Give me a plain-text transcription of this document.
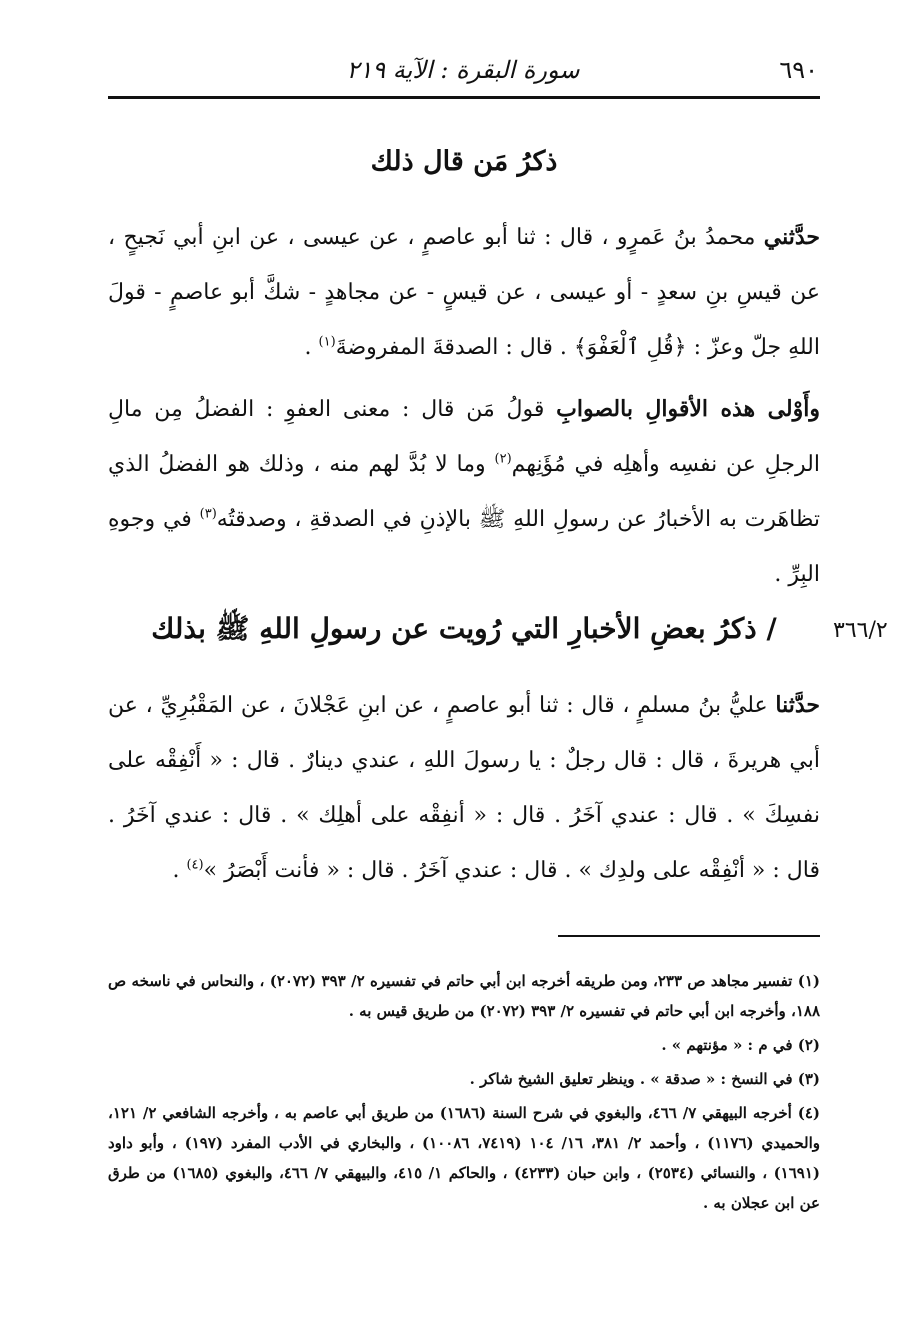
٦٩٠
سورة البقرة : الآية ٢١٩
ذكرُ مَن قال ذلك
حدَّثني محمدُ بنُ عَمرٍو ، قال : ثنا أبو عاصمٍ ، عن عيسى ، عن ابنِ أبي نَجيحٍ ، عن قيسِ بنِ سعدٍ - أو عيسى ، عن قيسٍ - عن مجاهدٍ - شكَّ أبو عاصمٍ - قولَ اللهِ جلّ وعزّ : ﴿قُلِ ٱلْعَفْوَ﴾ . قال : الصدقةَ المفروضةَ$^{(١)}$ .
وأَوْلى هذه الأقوالِ بالصوابِ قولُ مَن قال : معنى العفوِ : الفضلُ مِن مالِ الرجلِ عن نفسِه وأهلِه في مُؤَنِهم$^{(٢)}$ وما لا بُدَّ لهم منه ، وذلك هو الفضلُ الذي تظاهَرت به الأخبارُ عن رسولِ اللهِ ﷺ بالإذنِ في الصدقةِ ، وصدقتُه$^{(٣)}$ في وجوهِ البِرِّ .
٣٦٦/٢
/ ذكرُ بعضِ الأخبارِ التي رُويت عن رسولِ اللهِ ﷺ بذلك
حدَّثنا عليُّ بنُ مسلمٍ ، قال : ثنا أبو عاصمٍ ، عن ابنِ عَجْلانَ ، عن المَقْبُرِيِّ ، عن أبي هريرةَ ، قال : قال رجلٌ : يا رسولَ اللهِ ، عندي دينارٌ . قال : « أَنْفِقْه على نفسِكَ » . قال : عندي آخَرُ . قال : « أنفِقْه على أهلِك » . قال : عندي آخَرُ . قال : « أنْفِقْه على ولدِك » . قال : عندي آخَرُ . قال : « فأنت أَبْصَرُ »$^{(٤)}$ .

(١) تفسير مجاهد ص ٢٣٣، ومن طريقه أخرجه ابن أبي حاتم في تفسيره ٢/ ٣٩٣ (٢٠٧٢) ، والنحاس في ناسخه ص ١٨٨، وأخرجه ابن أبي حاتم في تفسيره ٢/ ٣٩٣ (٢٠٧٢) من طريق قيس به .

(٢) في م : « مؤنتهم » .

(٣) في النسخ : « صدقة » . وينظر تعليق الشيخ شاكر .

(٤) أخرجه البيهقي ٧/ ٤٦٦، والبغوي في شرح السنة (١٦٨٦) من طريق أبي عاصم به ، وأخرجه الشافعي ٢/ ١٢١، والحميدي (١١٧٦) ، وأحمد ٢/ ٣٨١، ١٦/ ١٠٤ (٧٤١٩، ١٠٠٨٦) ، والبخاري في الأدب المفرد (١٩٧) ، وأبو داود (١٦٩١) ، والنسائي (٢٥٣٤) ، وابن حبان (٤٢٣٣) ، والحاكم ١/ ٤١٥، والبيهقي ٧/ ٤٦٦، والبغوي (١٦٨٥) من طرق عن ابن عجلان به .
